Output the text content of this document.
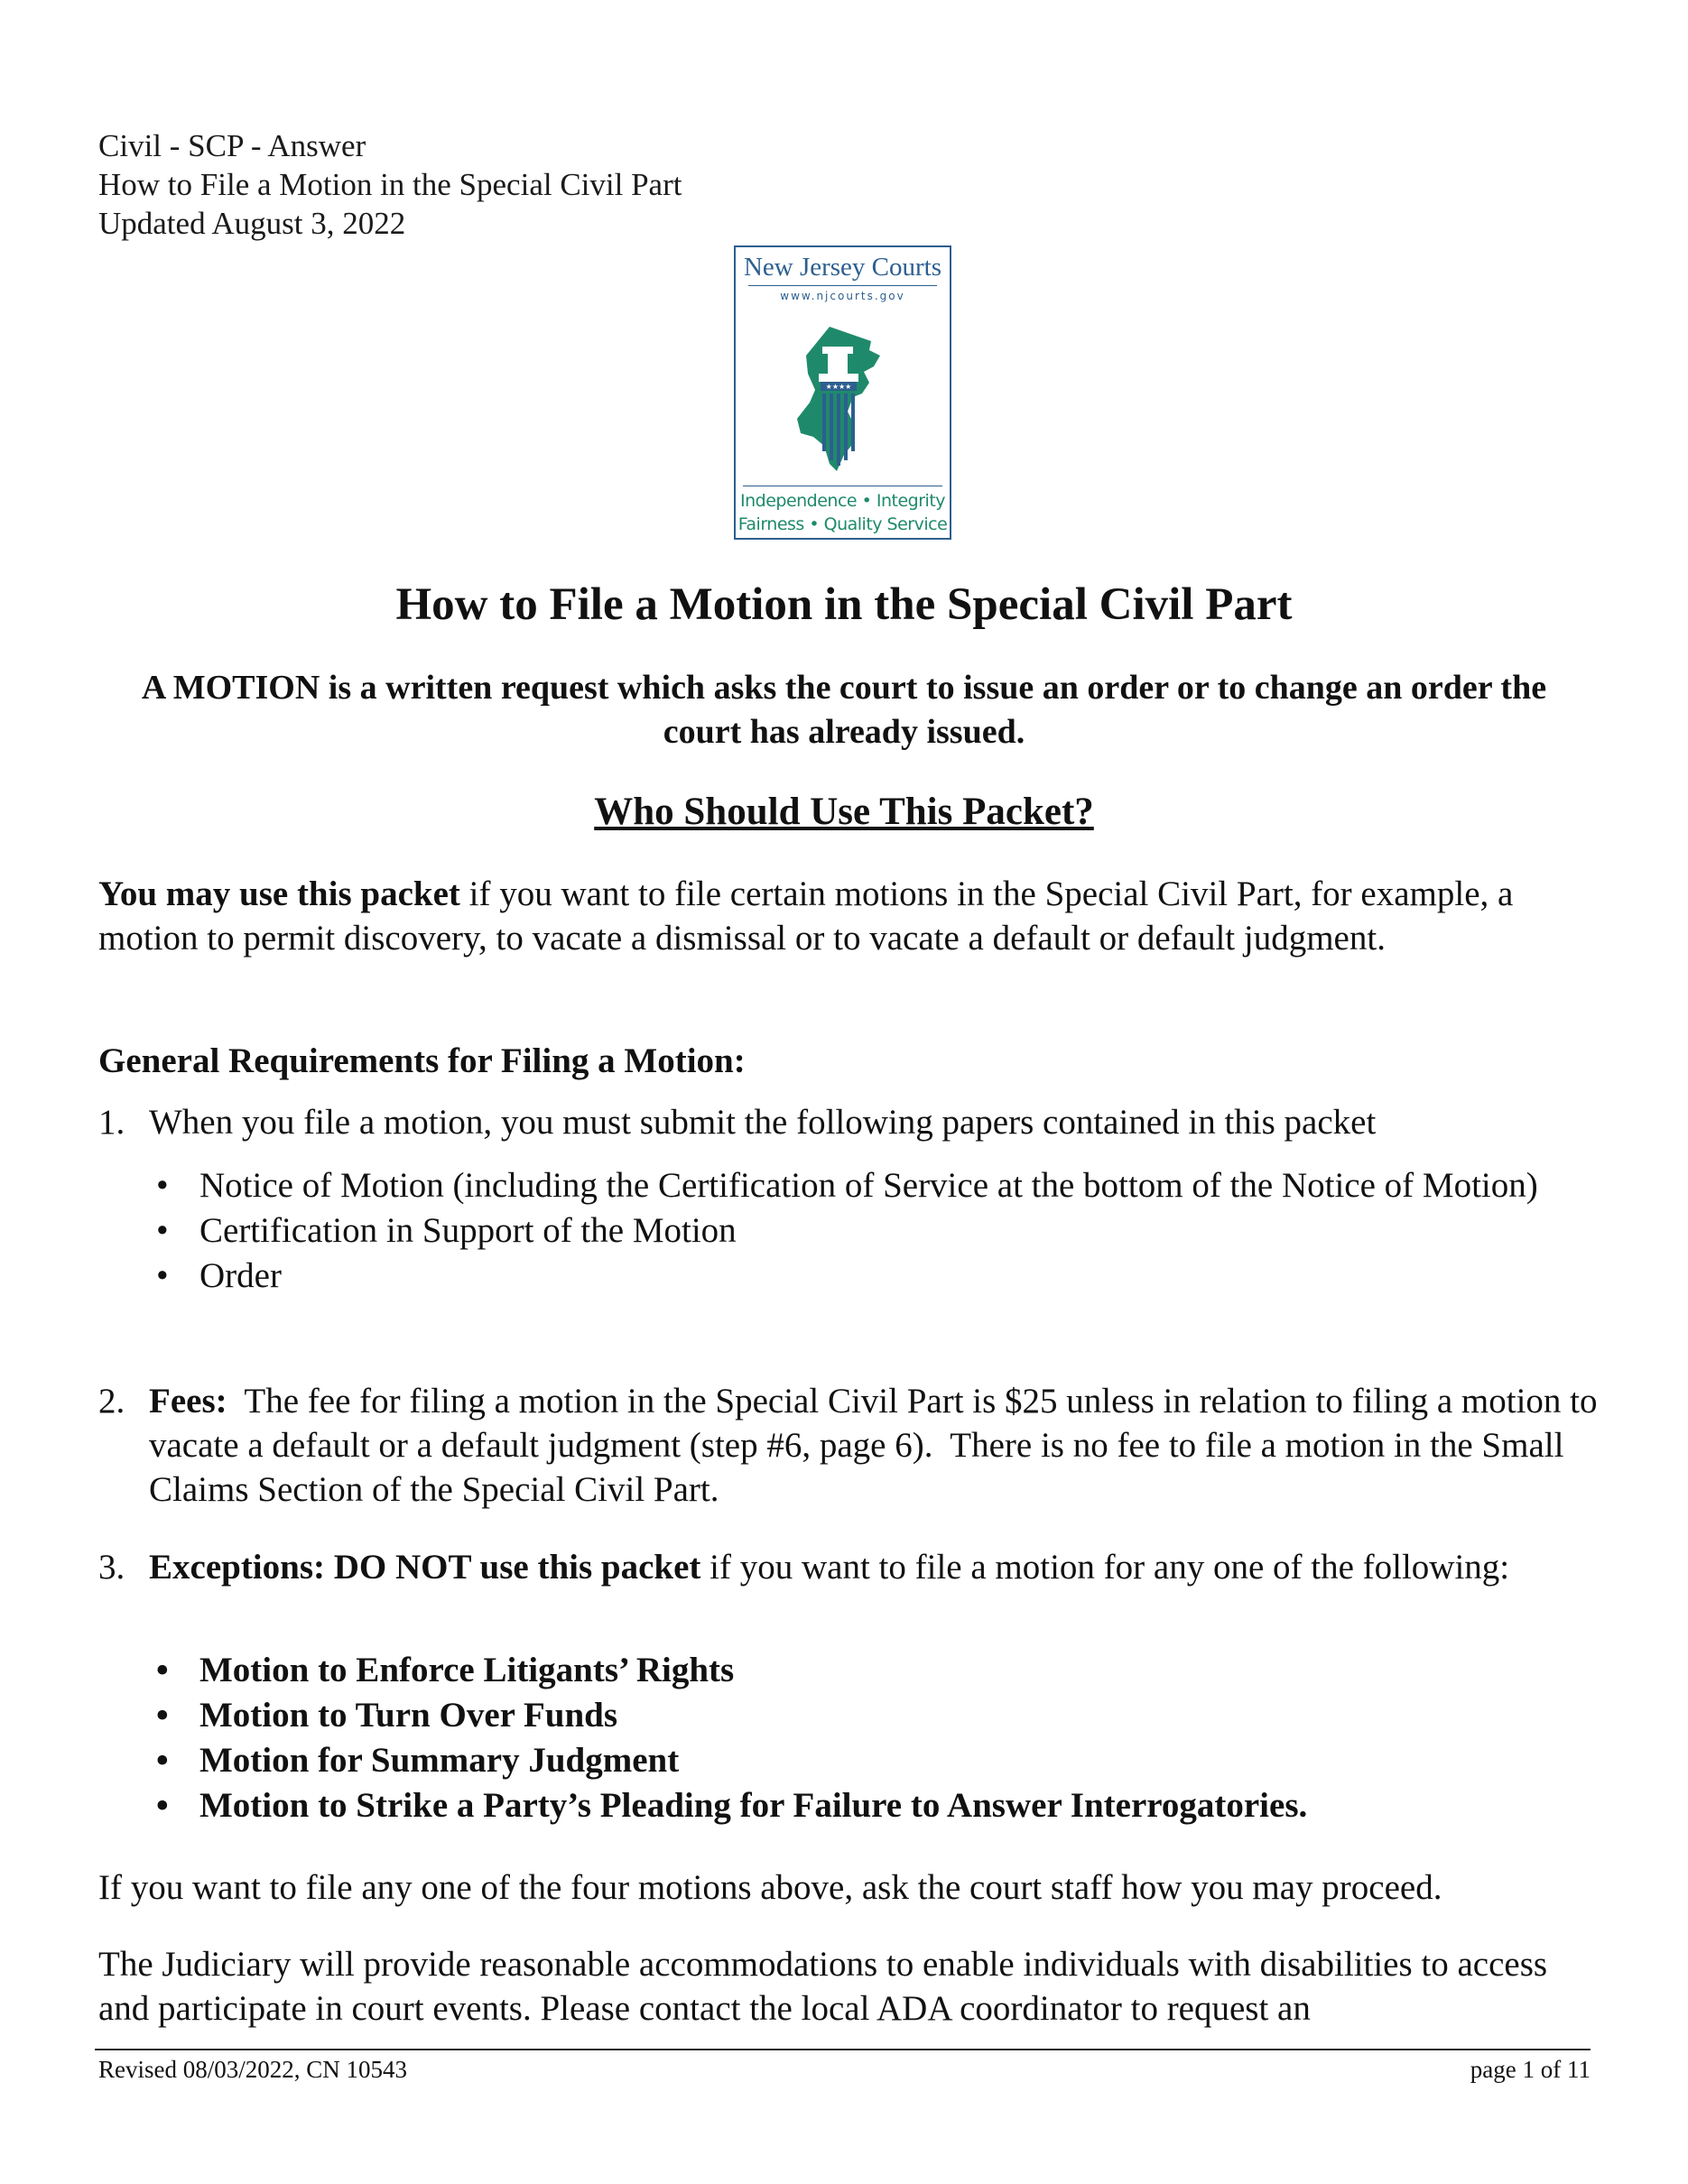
Civil - SCP - Answer
How to File a Motion in the Special Civil Part
Updated August 3, 2022
New Jersey Courts
www.njcourts.gov
★★★★
Independence • Integrity
Fairness • Quality Service
How to File a Motion in the Special Civil Part
A MOTION is a written request which asks the court to issue an order or to change an order the court has already issued.
Who Should Use This Packet?
You may use this packet if you want to file certain motions in the Special Civil Part, for example, a motion to permit discovery, to vacate a dismissal or to vacate a default or default judgment.
General Requirements for Filing a Motion:
1. When you file a motion, you must submit the following papers contained in this packet
• Notice of Motion (including the Certification of Service at the bottom of the Notice of Motion)
• Certification in Support of the Motion
• Order
2. Fees:  The fee for filing a motion in the Special Civil Part is $25 unless in relation to filing a motion to vacate a default or a default judgment (step #6, page 6).  There is no fee to file a motion in the Small Claims Section of the Special Civil Part.
3. Exceptions: DO NOT use this packet if you want to file a motion for any one of the following:
• Motion to Enforce Litigants’ Rights
• Motion to Turn Over Funds
• Motion for Summary Judgment
• Motion to Strike a Party’s Pleading for Failure to Answer Interrogatories.
If you want to file any one of the four motions above, ask the court staff how you may proceed.
The Judiciary will provide reasonable accommodations to enable individuals with disabilities to access and participate in court events. Please contact the local ADA coordinator to request an
Revised 08/03/2022, CN 10543	page 1 of 11
